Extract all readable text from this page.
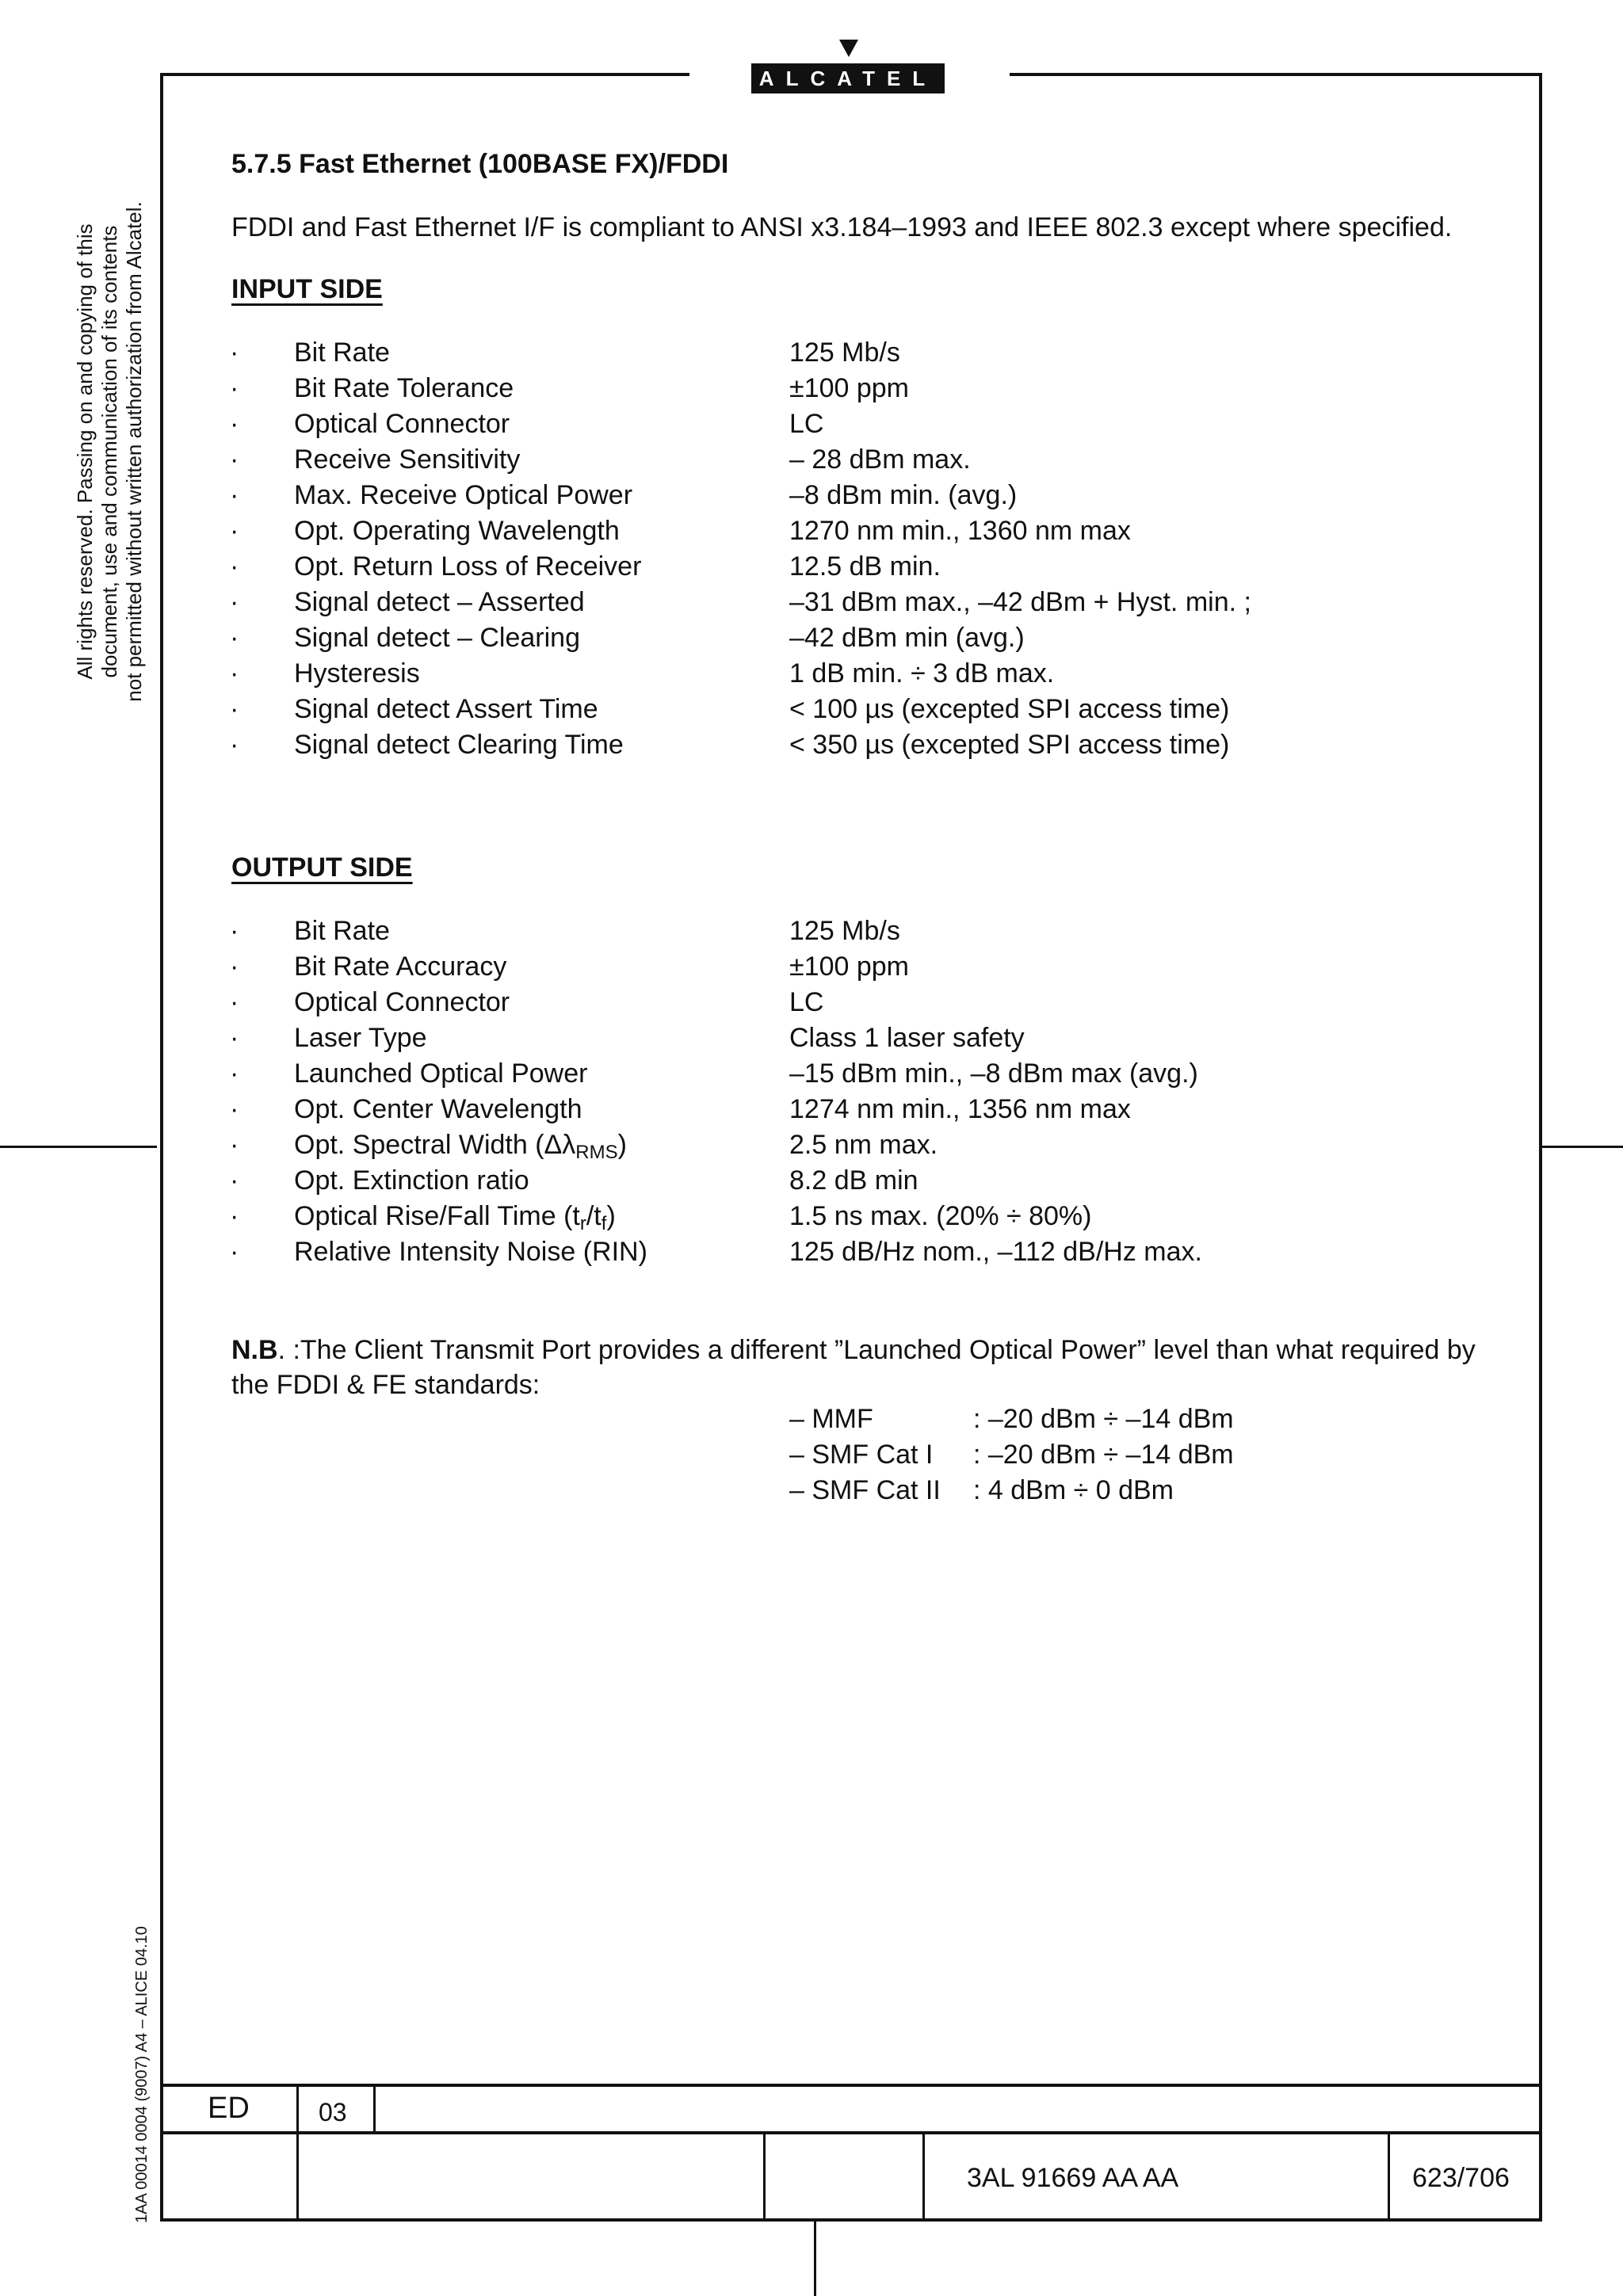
ALCATEL
All rights reserved. Passing on and copying of this document, use and communication of its contents not permitted without written authorization from Alcatel.
1AA 00014 0004 (9007) A4 – ALICE 04.10
5.7.5 Fast Ethernet (100BASE FX)/FDDI
FDDI and Fast Ethernet I/F is compliant to ANSI x3.184–1993 and IEEE 802.3 except where specified.
INPUT SIDE
· Bit Rate	125 Mb/s
· Bit Rate Tolerance	±100 ppm
· Optical Connector	LC
· Receive Sensitivity	– 28 dBm max.
· Max. Receive Optical Power	–8 dBm min. (avg.)
· Opt. Operating Wavelength	1270 nm min., 1360 nm max
· Opt. Return Loss of Receiver	12.5 dB min.
· Signal detect – Asserted	–31 dBm max., –42 dBm + Hyst. min. ;
· Signal detect – Clearing	–42 dBm min (avg.)
· Hysteresis	1 dB min. ÷ 3 dB max.
· Signal detect Assert Time	< 100 µs (excepted SPI access time)
· Signal detect Clearing Time	< 350 µs (excepted SPI access time)
OUTPUT SIDE
· Bit Rate	125 Mb/s
· Bit Rate Accuracy	±100 ppm
· Optical Connector	LC
· Laser Type	Class 1 laser safety
· Launched Optical Power	–15 dBm min., –8 dBm max (avg.)
· Opt. Center Wavelength	1274 nm min., 1356 nm max
· Opt. Spectral Width $(\Delta\lambda_{RMS})$	2.5 nm max.
· Opt. Extinction ratio	8.2 dB min
· Optical Rise/Fall Time $(t_r/t_f)$	1.5 ns max. (20% ÷ 80%)
· Relative Intensity Noise (RIN)	125 dB/Hz nom., –112 dB/Hz max.
N.B. :The Client Transmit Port provides a different ”Launched Optical Power” level than what required by the FDDI & FE standards:
– MMF	: –20 dBm ÷ –14 dBm
– SMF Cat I : –20 dBm ÷ –14 dBm
– SMF Cat II : 4 dBm ÷ 0 dBm
ED	03
3AL 91669 AA AA	623/706
